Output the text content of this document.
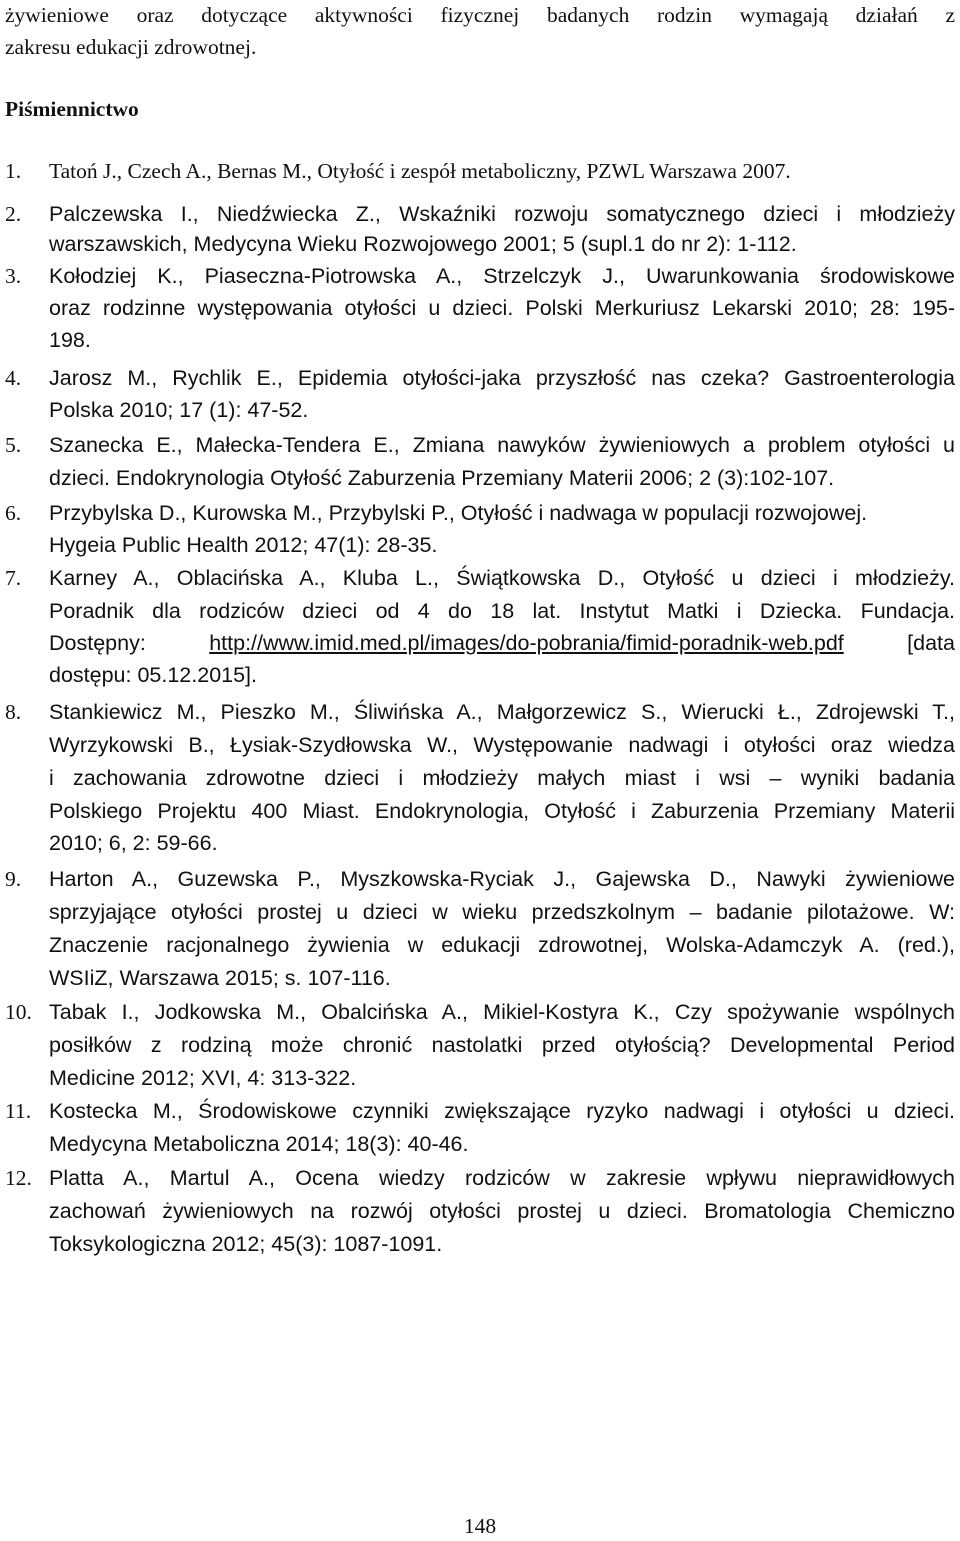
żywieniowe oraz dotyczące aktywności fizycznej badanych rodzin wymagają działań z
zakresu edukacji zdrowotnej.
Piśmiennictwo
1. Tatoń J., Czech A., Bernas M., Otyłość i zespół metaboliczny, PZWL Warszawa 2007.
2. Palczewska I., Niedźwiecka Z., Wskaźniki rozwoju somatycznego dzieci i młodzieży
warszawskich, Medycyna Wieku Rozwojowego 2001; 5 (supl.1 do nr 2): 1-112.
3. Kołodziej K., Piaseczna-Piotrowska A., Strzelczyk J., Uwarunkowania środowiskowe
oraz rodzinne występowania otyłości u dzieci. Polski Merkuriusz Lekarski 2010; 28: 195-
198.
4. Jarosz M., Rychlik E., Epidemia otyłości-jaka przyszłość nas czeka? Gastroenterologia
Polska 2010; 17 (1): 47-52.
5. Szanecka E., Małecka-Tendera E., Zmiana nawyków żywieniowych a problem otyłości u
dzieci. Endokrynologia Otyłość Zaburzenia Przemiany Materii 2006; 2 (3):102-107.
6. Przybylska D., Kurowska M., Przybylski P., Otyłość i nadwaga w populacji rozwojowej.
Hygeia Public Health 2012; 47(1): 28-35.
7. Karney A., Oblacińska A., Kluba L., Świątkowska D., Otyłość u dzieci i młodzieży.
Poradnik dla rodziców dzieci od 4 do 18 lat. Instytut Matki i Dziecka. Fundacja.
Dostępny:	http://www.imid.med.pl/images/do-pobrania/fimid-poradnik-web.pdf	[data
dostępu: 05.12.2015].
8. Stankiewicz M., Pieszko M., Śliwińska A., Małgorzewicz S., Wierucki Ł., Zdrojewski T.,
Wyrzykowski B., Łysiak-Szydłowska W., Występowanie nadwagi i otyłości oraz wiedza
i zachowania zdrowotne dzieci i młodzieży małych miast i wsi – wyniki badania
Polskiego Projektu 400 Miast. Endokrynologia, Otyłość i Zaburzenia Przemiany Materii
2010; 6, 2: 59-66.
9. Harton A., Guzewska P., Myszkowska-Ryciak J., Gajewska D., Nawyki żywieniowe
sprzyjające otyłości prostej u dzieci w wieku przedszkolnym – badanie pilotażowe. W:
Znaczenie racjonalnego żywienia w edukacji zdrowotnej, Wolska-Adamczyk A. (red.),
WSIiZ, Warszawa 2015; s. 107-116.
10. Tabak I., Jodkowska M., Obalcińska A., Mikiel-Kostyra K., Czy spożywanie wspólnych
posiłków z rodziną może chronić nastolatki przed otyłością? Developmental Period
Medicine 2012; XVI, 4: 313-322.
11. Kostecka M., Środowiskowe czynniki zwiększające ryzyko nadwagi i otyłości u dzieci.
Medycyna Metaboliczna 2014; 18(3): 40-46.
12. Platta A., Martul A., Ocena wiedzy rodziców w zakresie wpływu nieprawidłowych
zachowań żywieniowych na rozwój otyłości prostej u dzieci. Bromatologia Chemiczno
Toksykologiczna 2012; 45(3): 1087-1091.
148
